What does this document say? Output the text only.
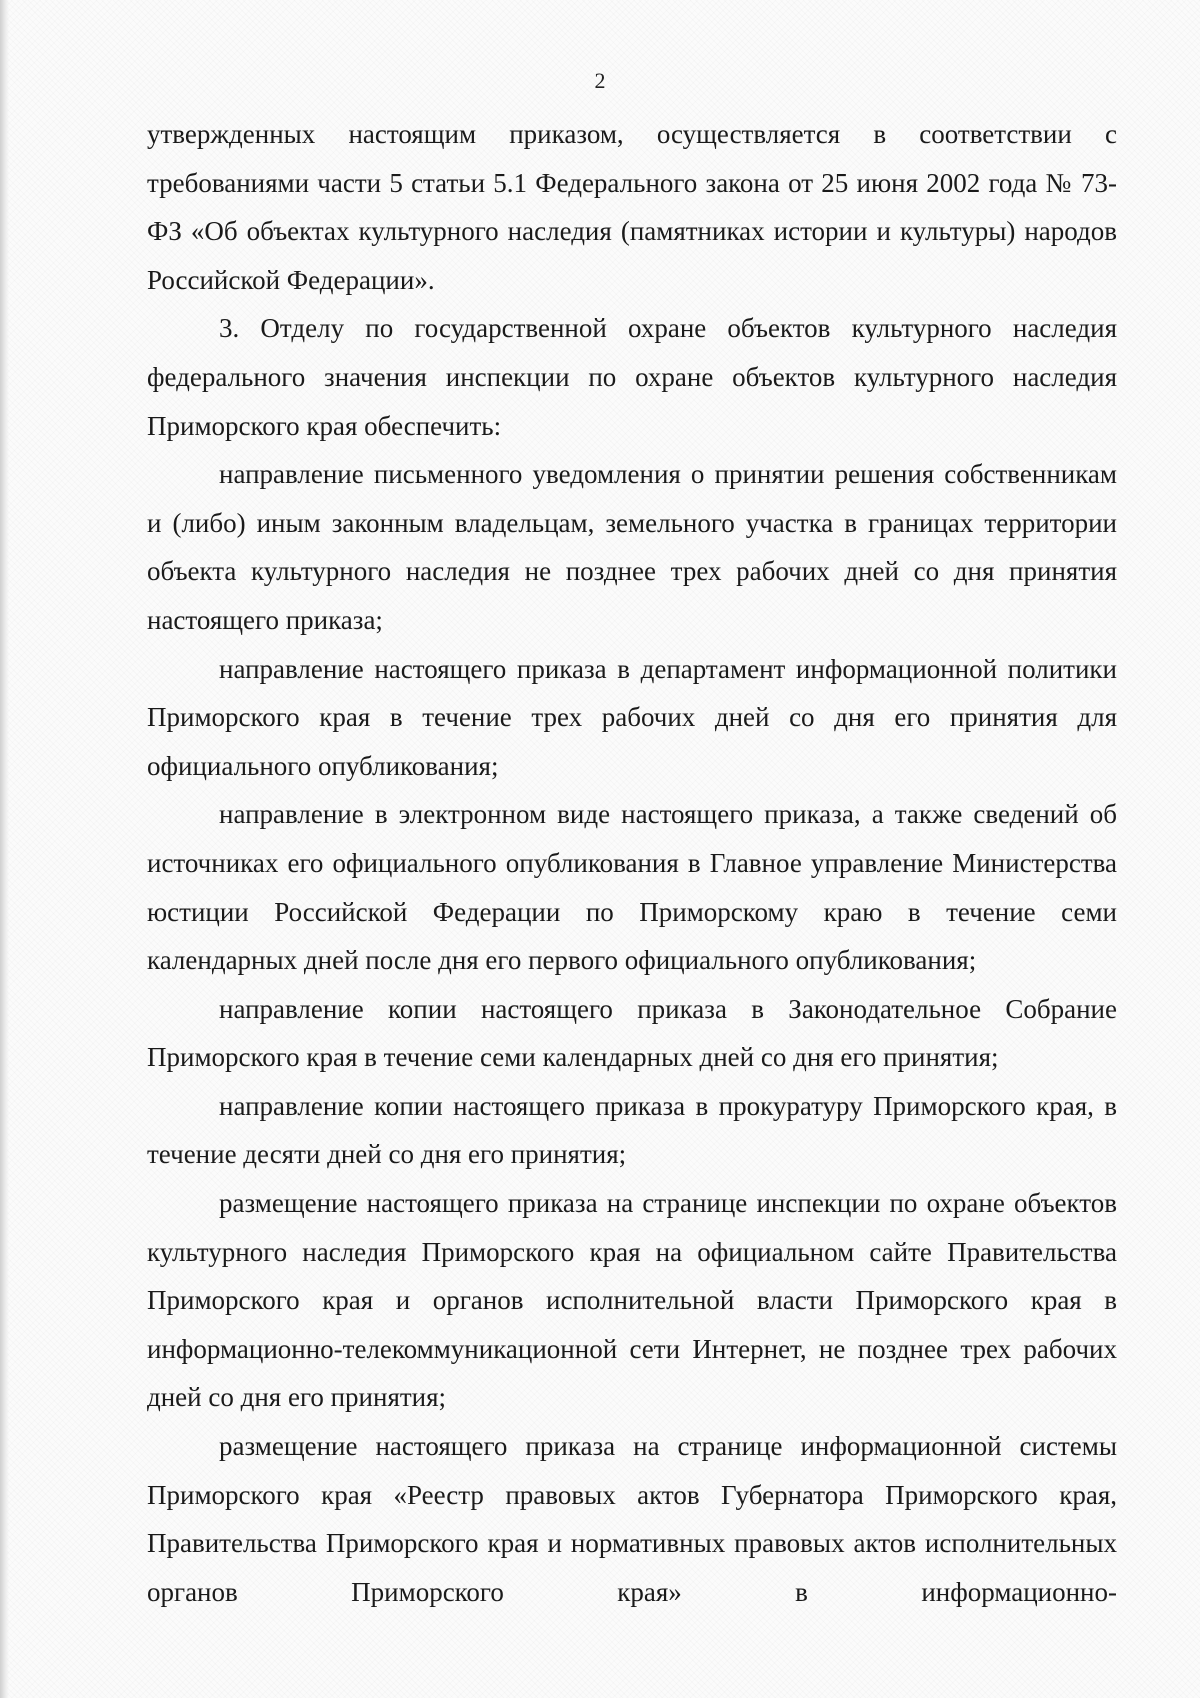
2

утвержденных настоящим приказом, осуществляется в соответствии с требованиями части 5 статьи 5.1 Федерального закона от 25 июня 2002 года № 73-ФЗ «Об объектах культурного наследия (памятниках истории и культуры) народов Российской Федерации».

3. Отделу по государственной охране объектов культурного наследия федерального значения инспекции по охране объектов культурного наследия Приморского края обеспечить:

направление письменного уведомления о принятии решения собственникам и (либо) иным законным владельцам, земельного участка в границах территории объекта культурного наследия не позднее трех рабочих дней со дня принятия настоящего приказа;

направление настоящего приказа в департамент информационной политики Приморского края в течение трех рабочих дней со дня его принятия для официального опубликования;

направление в электронном виде настоящего приказа, а также сведений об источниках его официального опубликования в Главное управление Министерства юстиции Российской Федерации по Приморскому краю в течение семи календарных дней после дня его первого официального опубликования;

направление копии настоящего приказа в Законодательное Собрание Приморского края в течение семи календарных дней со дня его принятия;

направление копии настоящего приказа в прокуратуру Приморского края, в течение десяти дней со дня его принятия;

размещение настоящего приказа на странице инспекции по охране объектов культурного наследия Приморского края на официальном сайте Правительства Приморского края и органов исполнительной власти Приморского края в информационно-телекоммуникационной сети Интернет, не позднее трех рабочих дней со дня его принятия;

размещение настоящего приказа на странице информационной системы Приморского края «Реестр правовых актов Губернатора Приморского края, Правительства Приморского края и нормативных правовых актов исполнительных органов Приморского края» в информационно-
